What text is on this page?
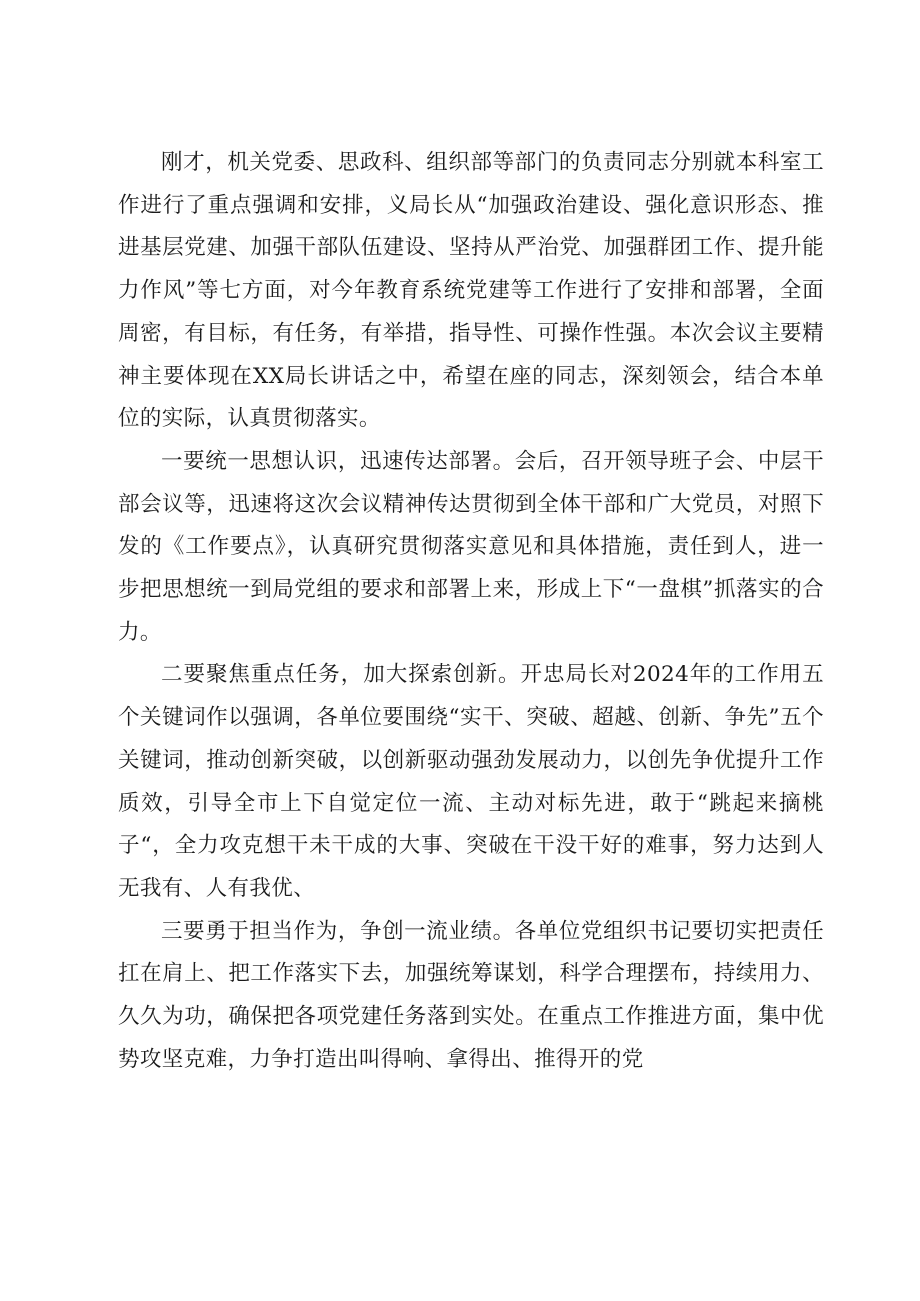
刚才，机关党委、思政科、组织部等部门的负责同志分别就本科室工作进行了重点强调和安排，义局长从“加强政治建设、强化意识形态、推进基层党建、加强干部队伍建设、坚持从严治党、加强群团工作、提升能力作风”等七方面，对今年教育系统党建等工作进行了安排和部署，全面周密，有目标，有任务，有举措，指导性、可操作性强。本次会议主要精神主要体现在XX局长讲话之中，希望在座的同志，深刻领会，结合本单位的实际，认真贯彻落实。

一要统一思想认识，迅速传达部署。会后，召开领导班子会、中层干部会议等，迅速将这次会议精神传达贯彻到全体干部和广大党员，对照下发的《工作要点》，认真研究贯彻落实意见和具体措施，责任到人，进一步把思想统一到局党组的要求和部署上来，形成上下“一盘棋”抓落实的合力。

二要聚焦重点任务，加大探索创新。开忠局长对2024年的工作用五个关键词作以强调，各单位要围绕“实干、突破、超越、创新、争先”五个关键词，推动创新突破，以创新驱动强劲发展动力，以创先争优提升工作质效，引导全市上下自觉定位一流、主动对标先进，敢于“跳起来摘桃子“，全力攻克想干未干成的大事、突破在干没干好的难事，努力达到人无我有、人有我优、

三要勇于担当作为，争创一流业绩。各单位党组织书记要切实把责任扛在肩上、把工作落实下去，加强统筹谋划，科学合理摆布，持续用力、久久为功，确保把各项党建任务落到实处。在重点工作推进方面，集中优势攻坚克难，力争打造出叫得响、拿得出、推得开的党
